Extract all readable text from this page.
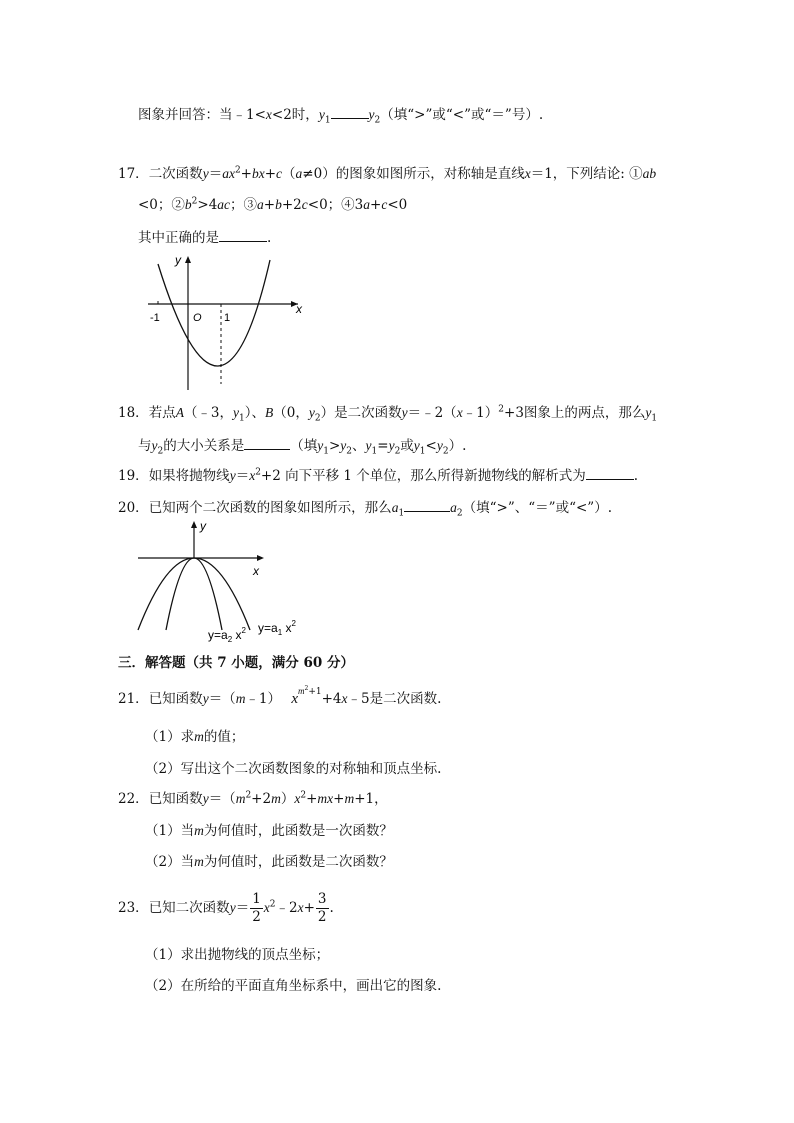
图象并回答：当﹣1<x<2时，$y_1$	$y_2$（填“>”或“<”或“＝”号）.
17．二次函数$y=ax^2+bx+c(a\ne 0)$的图象如图所示，对称轴是直线x＝1，下列结论: ①ab
<0；$②b^2>4ac$；③a+b+2c<0；④3a+c<0
其中正确的是	.
y
x
-1	O 1
18．若点A（﹣3，$y_1$）、B（0，$y_2$）是二次函数y＝﹣2（x﹣1）$^2$+3图象上的两点，那么$y_1$
与$y_2$的大小关系是	（填$y_1>y_2$、$y_1=y_2$或$y_1<y_2$）.
19．如果将抛物线$y=x^2+2$ 向下平移 1 个单位，那么所得新抛物线的解析式为	.
20．已知两个二次函数的图象如图所示，那么$a_1$	$a_2$（填“>”、“＝”或“<”）.
y
x
$y=a_1$ $x^2$
$y=a_2$ $x^2$
三．解答题（共 7 小题，满分 60 分）
21．已知函数y＝（m﹣1） $xm^2+1+4x﹣5$是二次函数.
（1）求m的值；
（2）写出这个二次函数图象的对称轴和顶点坐标.
22．已知函数$y=(m^2+2m)x^2+mx+m+1$，
（1）当m为何值时，此函数是一次函数？
（2）当m为何值时，此函数是二次函数？
23．已知二次函数$y= \frac{1}{2}$ $x^2﹣2x+ \frac{3}{2}$ .
（1）求出抛物线的顶点坐标；
（2）在所给的平面直角坐标系中，画出它的图象.
